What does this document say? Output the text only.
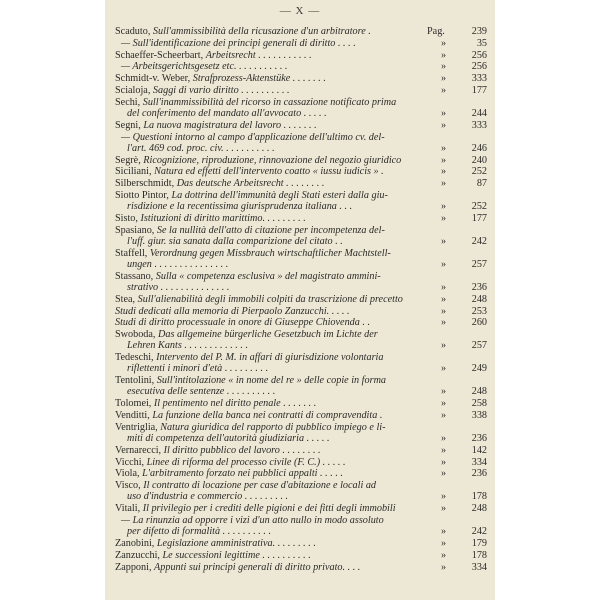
— X —
Scaduto, Sull'ammissibilità della ricusazione d'un arbitratore .	Pag.	239
— Sull'identificazione dei principi generali di diritto . . . .	»	35
Schaeffer-Scheerbart, Arbeitsrecht . . . . . . . . . . .	»	256
— Arbeitsgerichtsgesetz etc. . . . . . . . . . .	»	256
Schmidt-v. Weber, Strafprozess-Aktenstüke . . . . . . .	»	333
Scialoja, Saggi di vario diritto . . . . . . . . . .	»	177
Sechi, Sull'inammissibilità del ricorso in cassazione notificato prima
del conferimento del mandato all'avvocato . . . . .	»	244
Segni, La nuova magistratura del lavoro . . . . . . .	»	333
— Questioni intorno al campo d'applicazione dell'ultimo cv. del-
l'art. 469 cod. proc. civ. . . . . . . . . . .	»	246
Segrè, Ricognizione, riproduzione, rinnovazione del negozio giuridico	»	240
Siciliani, Natura ed effetti dell'intervento coatto « iussu iudicis » .	»	252
Silberschmidt, Das deutsche Arbeitsrecht . . . . . . . .	»	87
Siotto Pintor, La dottrina dell'immunità degli Stati esteri dalla giu-
risdizione e la recentissima giurisprudenza italiana . . .	»	252
Sisto, Istituzioni di diritto marittimo. . . . . . . . .	»	177
Spasiano, Se la nullità dell'atto di citazione per incompetenza del-
l'uff. giur. sia sanata dalla comparizione del citato . .	»	242
Staffell, Verordnung gegen Missbrauch wirtschaftlicher Machtstell-
ungen . . . . . . . . . . . . . . .	»	257
Stassano, Sulla « competenza esclusiva » del magistrato ammini-
strativo . . . . . . . . . . . . . .	»	236
Stea, Sull'alienabilità degli immobili colpiti da trascrizione di precetto	»	248
Studi dedicati alla memoria di Pierpaolo Zanzucchi. . . . .	»	253
Studi di diritto processuale in onore di Giuseppe Chiovenda . .	»	260
Swoboda, Das allgemeine bürgerliche Gesetzbuch im Lichte der
Lehren Kants . . . . . . . . . . . . .	»	257
Tedeschi, Intervento del P. M. in affari di giurisdizione volontaria
riflettenti i minori d'età . . . . . . . . .	»	249
Tentolini, Sull'intitolazione « in nome del re » delle copie in forma
esecutiva delle sentenze . . . . . . . . . .	»	248
Tolomei, Il pentimento nel diritto penale . . . . . . .	»	258
Venditti, La funzione della banca nei contratti di compravendita .	»	338
Ventriglia, Natura giuridica del rapporto di pubblico impiego e li-
miti di competenza dell'autorità giudiziaria . . . . .	»	236
Vernarecci, Il diritto pubblico del lavoro . . . . . . . .	»	142
Vicchi, Linee di riforma del processo civile (F. C.) . . . . .	»	334
Viola, L'arbitramento forzato nei pubblici appalti . . . . .	»	236
Visco, Il contratto di locazione per case d'abitazione e locali ad
uso d'industria e commercio . . . . . . . . .	»	178
Vitali, Il privilegio per i crediti delle pigioni e dei fitti degli immobili	»	248
— La rinunzia ad opporre i vizi d'un atto nullo in modo assoluto
per difetto di formalità . . . . . . . . . .	»	242
Zanobini, Legislazione amministrativa. . . . . . . . .	»	179
Zanzucchi, Le successioni legittime . . . . . . . . . .	»	178
Zapponi, Appunti sui principi generali di diritto privato. . . .	»	334
